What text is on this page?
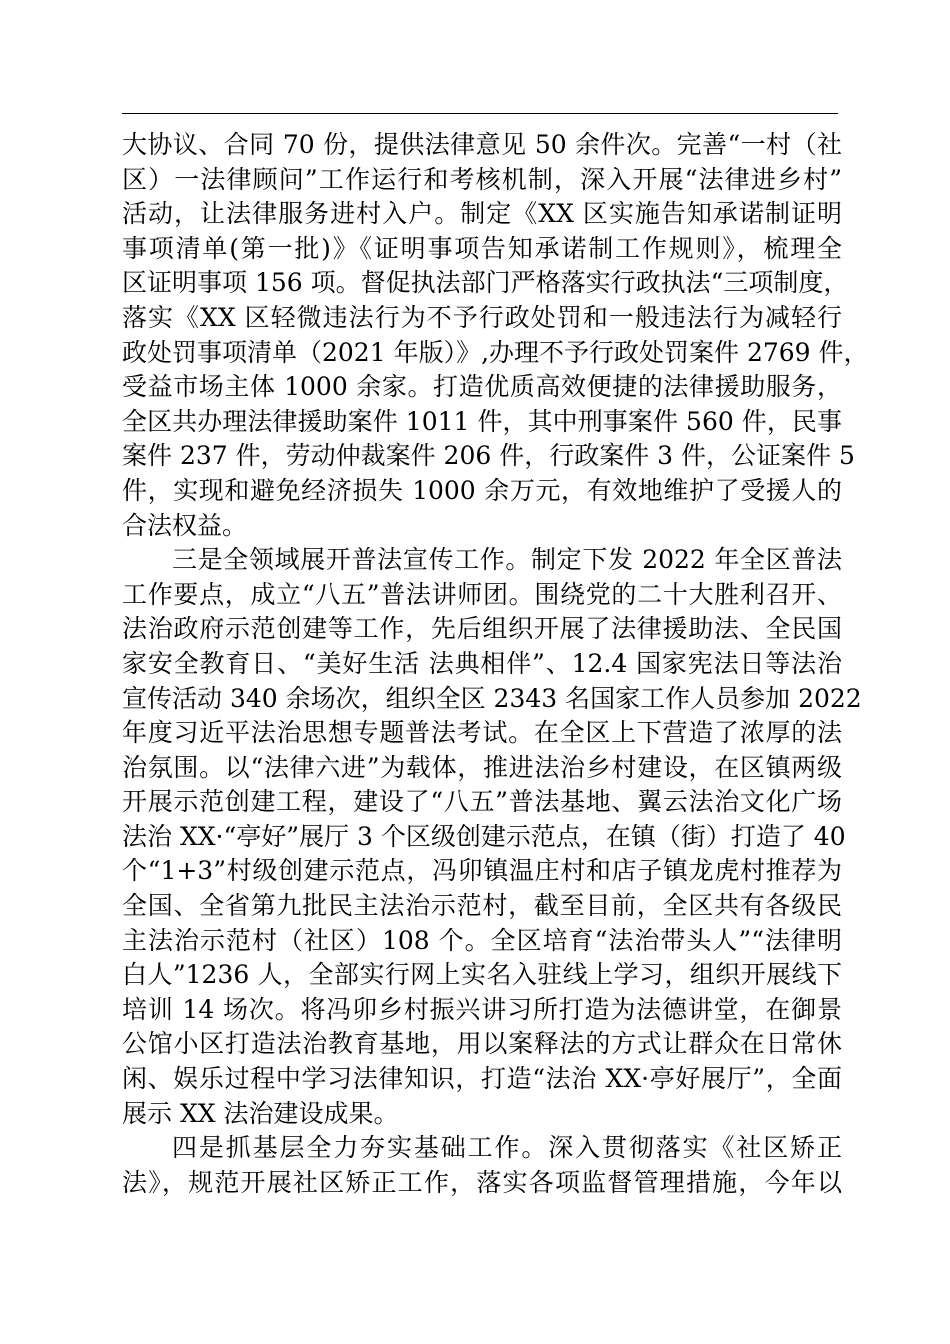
大协议、合同 70 份，提供法律意见 50 余件次。完善“一村（社
区）一法律顾问”工作运行和考核机制，深入开展“法律进乡村”
活动，让法律服务进村入户。制定《XX 区实施告知承诺制证明
事项清单(第一批)》《证明事项告知承诺制工作规则》，梳理全
区证明事项 156 项。督促执法部门严格落实行政执法“三项制度，
落实《XX 区轻微违法行为不予行政处罚和一般违法行为减轻行
政处罚事项清单（2021 年版）》,办理不予行政处罚案件 2769 件，
受益市场主体 1000 余家。打造优质高效便捷的法律援助服务，
全区共办理法律援助案件 1011 件，其中刑事案件 560 件，民事
案件 237 件，劳动仲裁案件 206 件，行政案件 3 件，公证案件 5
件，实现和避免经济损失 1000 余万元，有效地维护了受援人的
合法权益。
三是全领域展开普法宣传工作。制定下发 2022 年全区普法
工作要点，成立“八五”普法讲师团。围绕党的二十大胜利召开、
法治政府示范创建等工作，先后组织开展了法律援助法、全民国
家安全教育日、“美好生活 法典相伴”、12.4 国家宪法日等法治
宣传活动 340 余场次，组织全区 2343 名国家工作人员参加 2022
年度习近平法治思想专题普法考试。在全区上下营造了浓厚的法
治氛围。以“法律六进”为载体，推进法治乡村建设，在区镇两级
开展示范创建工程，建设了“八五”普法基地、翼云法治文化广场
法治 XX·“亭好”展厅 3 个区级创建示范点，在镇（街）打造了 40
个“1+3”村级创建示范点，冯卯镇温庄村和店子镇龙虎村推荐为
全国、全省第九批民主法治示范村，截至目前，全区共有各级民
主法治示范村（社区）108 个。全区培育“法治带头人”“法律明
白人”1236 人，全部实行网上实名入驻线上学习，组织开展线下
培训 14 场次。将冯卯乡村振兴讲习所打造为法德讲堂，在御景
公馆小区打造法治教育基地，用以案释法的方式让群众在日常休
闲、娱乐过程中学习法律知识，打造“法治 XX·亭好展厅”，全面
展示 XX 法治建设成果。
四是抓基层全力夯实基础工作。深入贯彻落实《社区矫正
法》，规范开展社区矫正工作，落实各项监督管理措施，今年以
